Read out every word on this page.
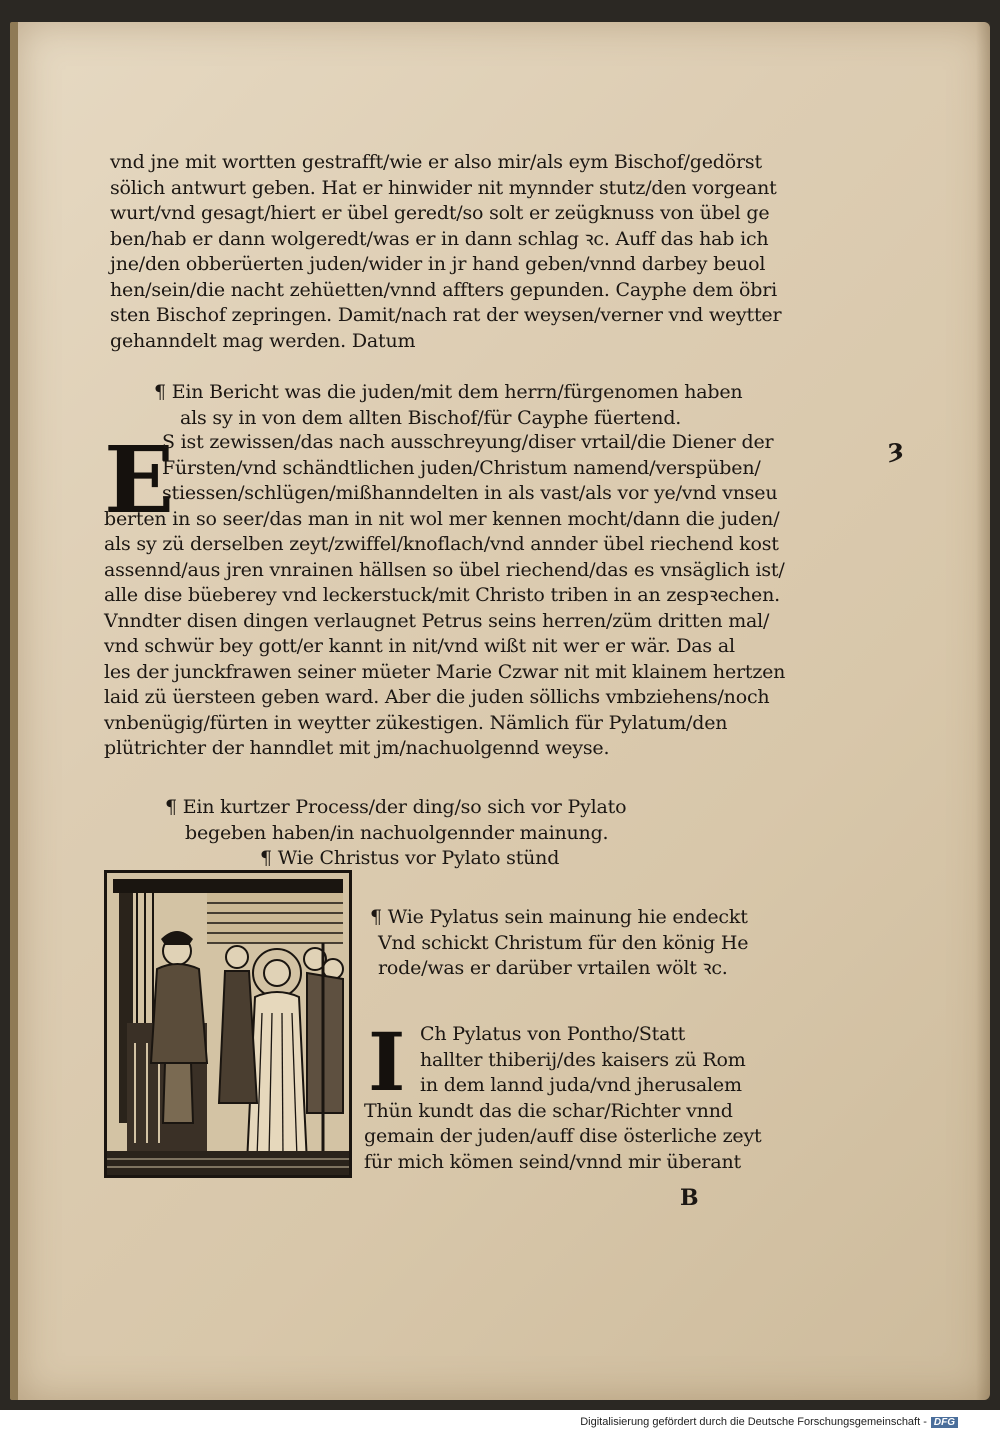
vnd jne mit wortten gestrafft/wie er also mir/als eym Bischof/gedörst
sölich antwurt geben. Hat er hinwider nit mynnder stutz/den vorgeant
wurt/vnd gesagt/hiert er übel geredt/so solt er zeügknuss von übel ge
ben/hab er dann wolgeredt/was er in dann schlag ꝛc. Auff das hab ich
jne/den obberüerten juden/wider in jr hand geben/vnnd darbey beuol
hen/sein/die nacht zehüetten/vnnd affters gepunden. Cayphe dem öbri
sten Bischof zepringen. Damit/nach rat der weysen/verner vnd weytter
gehanndelt mag werden. Datum
¶ Ein Bericht was die juden/mit dem herrn/fürgenomen haben
als sy in von dem allten Bischof/für Cayphe füertend.
E
S ist zewissen/das nach ausschreyung/diser vrtail/die Diener der
Fürsten/vnd schändtlichen juden/Christum namend/verspüben/
stiessen/schlügen/mißhanndelten in als vast/als vor ye/vnd vnseu
berten in so seer/das man in nit wol mer kennen mocht/dann die juden/
als sy zü derselben zeyt/zwiffel/knoflach/vnd annder übel riechend kost
assennd/aus jren vnrainen hällsen so übel riechend/das es vnsäglich ist/
alle dise büeberey vnd leckerstuck/mit Christo triben in an zespꝛechen.
Vnndter disen dingen verlaugnet Petrus seins herren/züm dritten mal/
vnd schwür bey gott/er kannt in nit/vnd wißt nit wer er wär. Das al
les der junckfrawen seiner müeter Marie Czwar nit mit klainem hertzen
laid zü üersteen geben ward. Aber die juden söllichs vmbziehens/noch
vnbenügig/fürten in weytter zükestigen. Nämlich für Pylatum/den
plütrichter der hanndlet mit jm/nachuolgennd weyse.
¶ Ein kurtzer Process/der ding/so sich vor Pylato
begeben haben/in nachuolgennder mainung.
¶ Wie Christus vor Pylato stünd
¶ Wie Pylatus sein mainung hie endeckt
Vnd schickt Christum für den könig He
rode/was er darüber vrtailen wölt ꝛc.
I Ch Pylatus von Pontho/Statt
hallter thiberij/des kaisers zü Rom
in dem lannd juda/vnd jherusalem
Thün kundt das die schar/Richter vnnd
gemain der juden/auff dise österliche zeyt
für mich kömen seind/vnnd mir überant
B
ȝ
Digitalisierung gefördert durch die Deutsche Forschungsgemeinschaft - DFG
